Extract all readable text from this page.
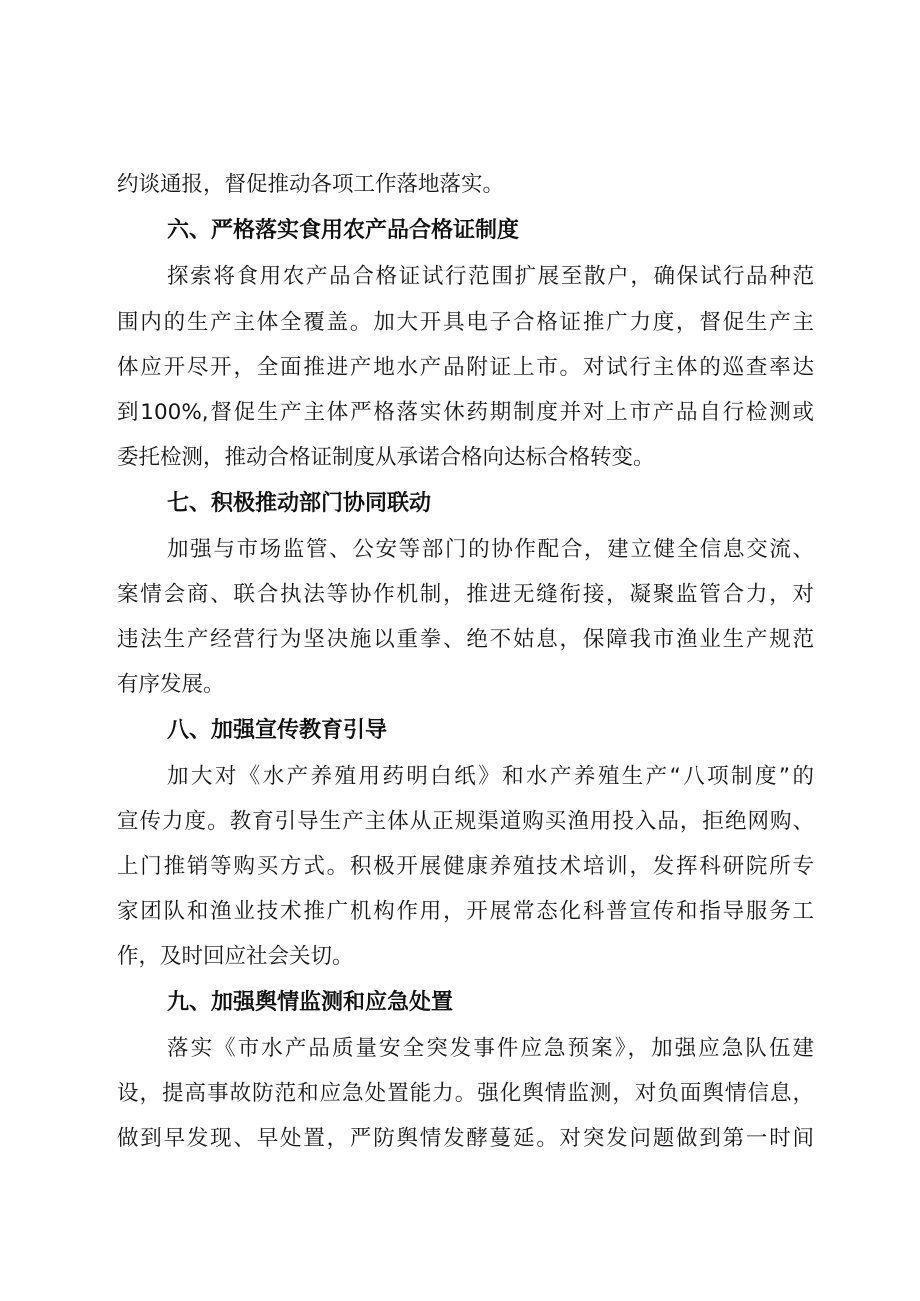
约谈通报，督促推动各项工作落地落实。

六、严格落实食用农产品合格证制度

探索将食用农产品合格证试行范围扩展至散户，确保试行品种范

围内的生产主体全覆盖。加大开具电子合格证推广力度，督促生产主

体应开尽开，全面推进产地水产品附证上市。对试行主体的巡查率达

到100%,督促生产主体严格落实休药期制度并对上市产品自行检测或

委托检测，推动合格证制度从承诺合格向达标合格转变。

七、积极推动部门协同联动

加强与市场监管、公安等部门的协作配合，建立健全信息交流、

案情会商、联合执法等协作机制，推进无缝衔接，凝聚监管合力，对

违法生产经营行为坚决施以重拳、绝不姑息，保障我市渔业生产规范

有序发展。

八、加强宣传教育引导

加大对《水产养殖用药明白纸》和水产养殖生产“八项制度”的

宣传力度。教育引导生产主体从正规渠道购买渔用投入品，拒绝网购、

上门推销等购买方式。积极开展健康养殖技术培训，发挥科研院所专

家团队和渔业技术推广机构作用，开展常态化科普宣传和指导服务工

作，及时回应社会关切。

九、加强舆情监测和应急处置

落实《市水产品质量安全突发事件应急预案》，加强应急队伍建

设，提高事故防范和应急处置能力。强化舆情监测，对负面舆情信息，

做到早发现、早处置，严防舆情发酵蔓延。对突发问题做到第一时间
